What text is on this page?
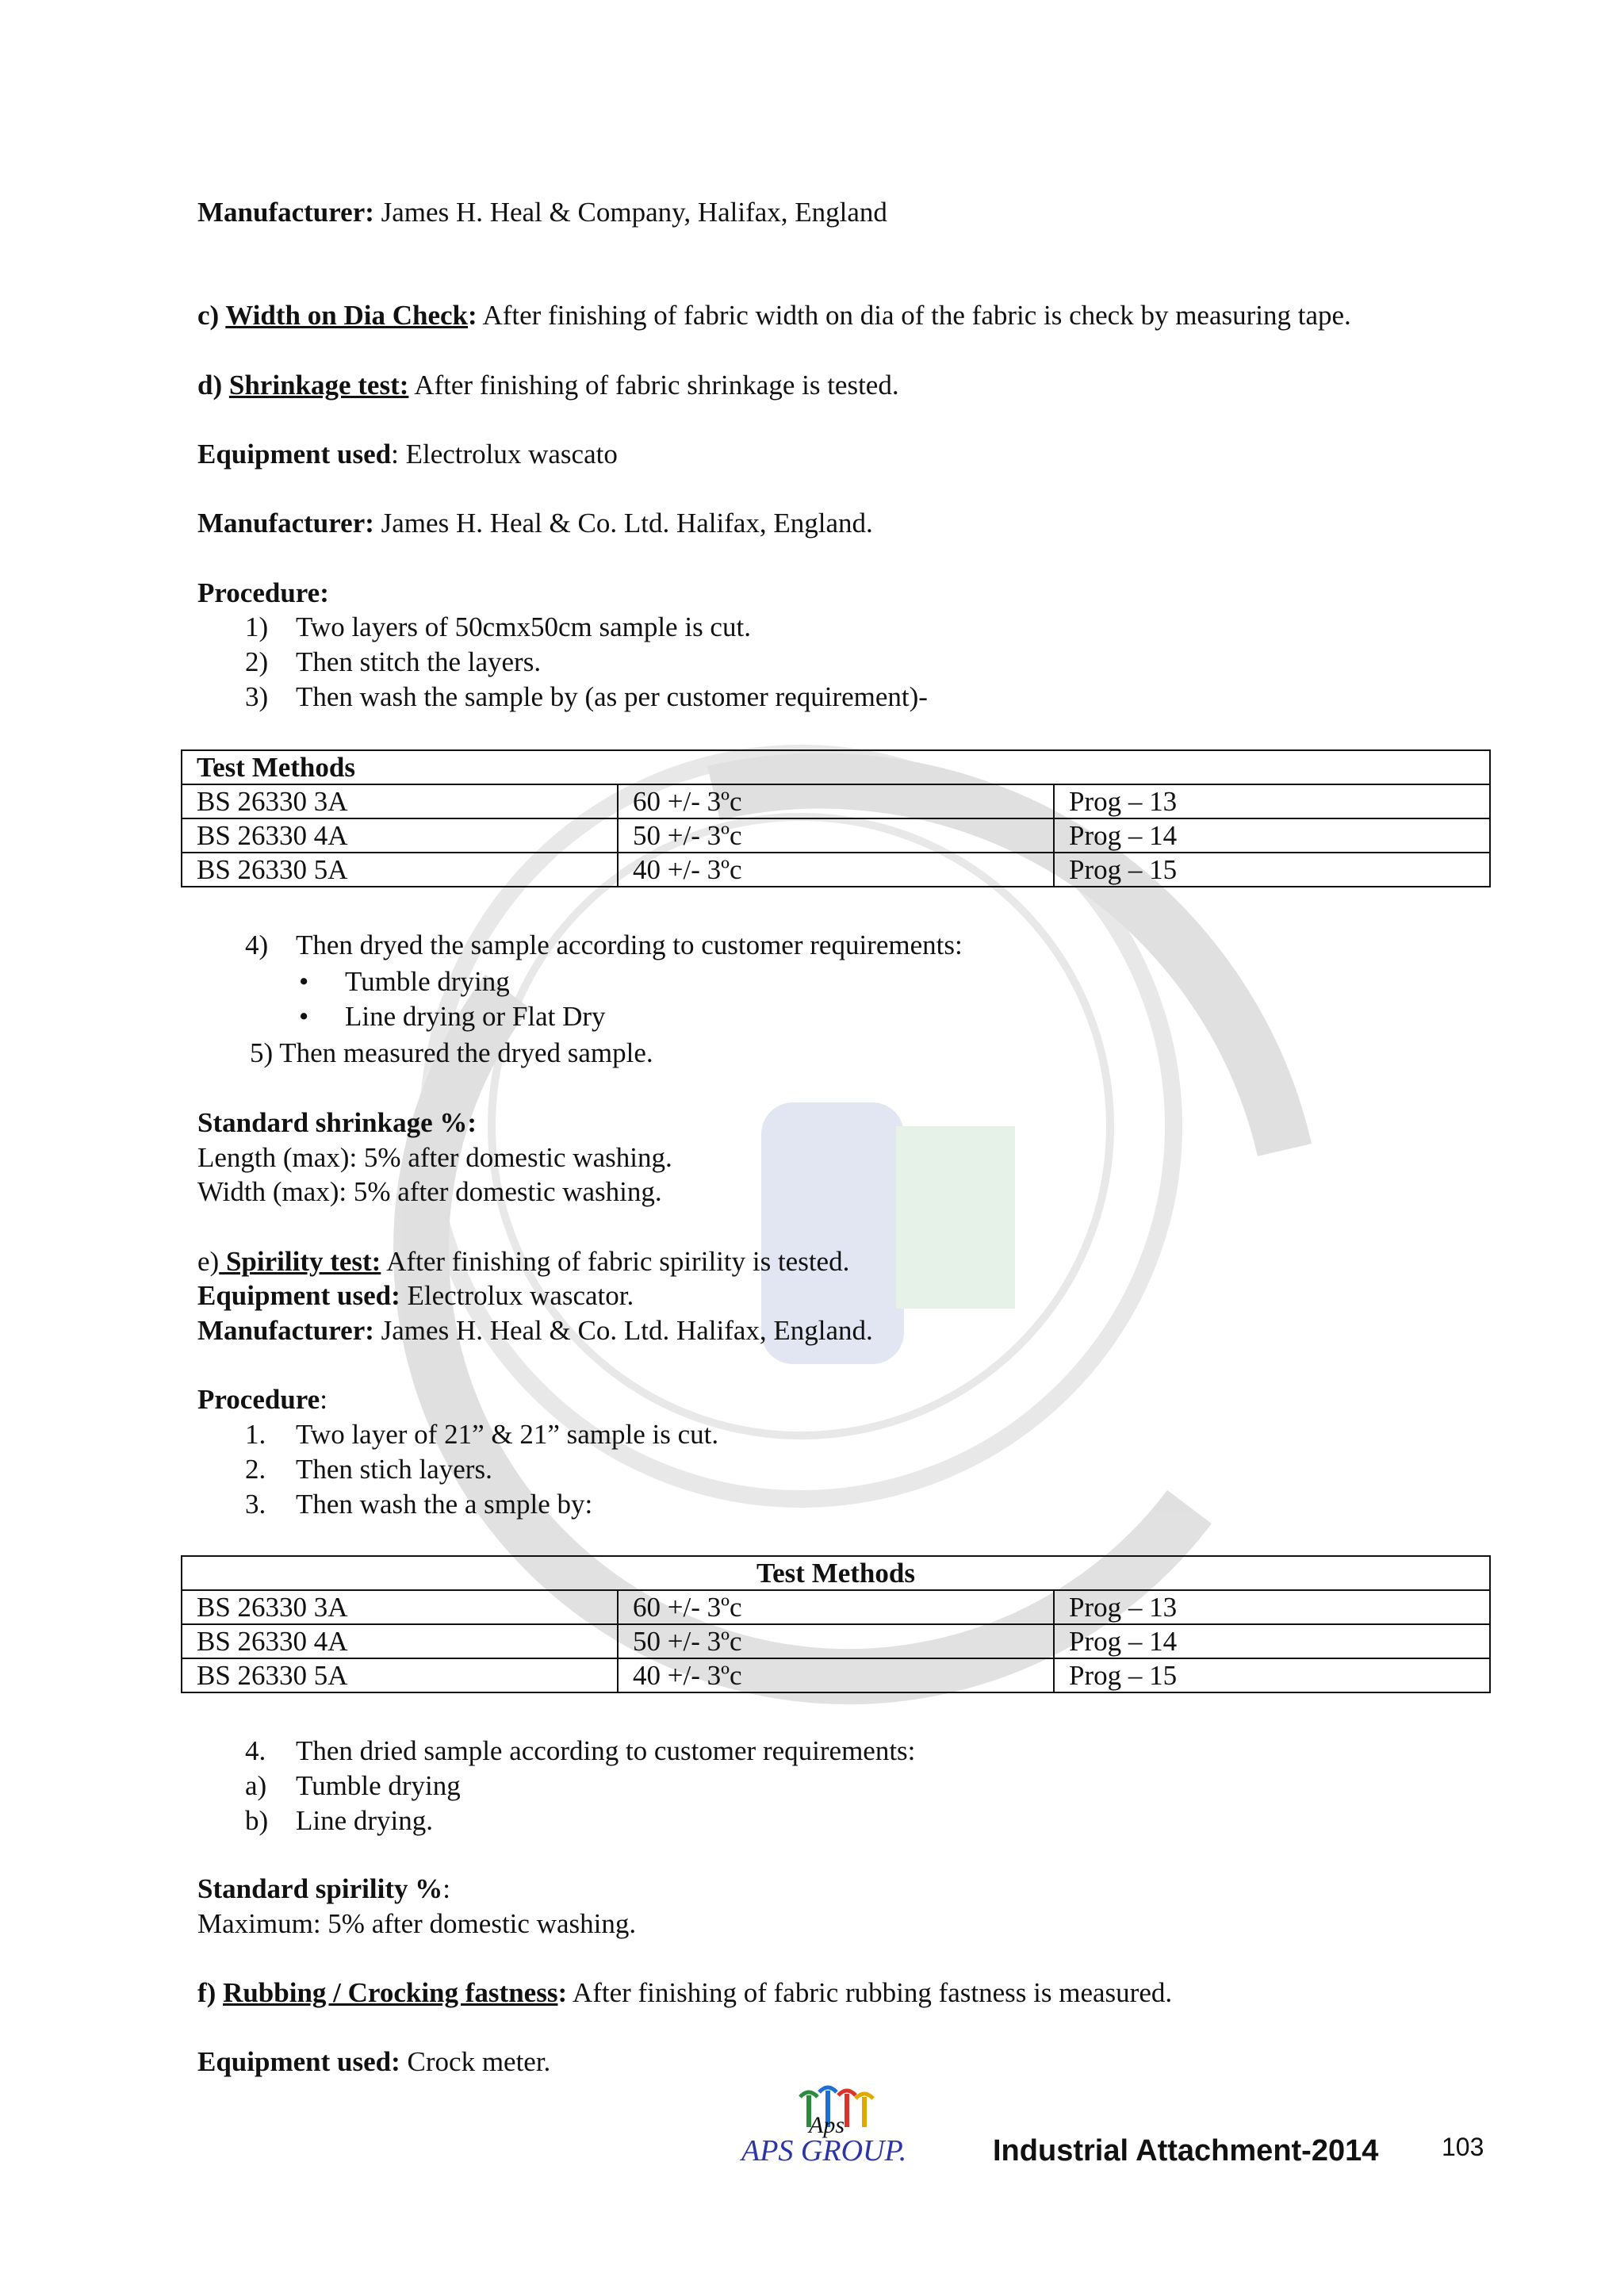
Manufacturer: James H. Heal & Company, Halifax, England

c) Width on Dia Check: After finishing of fabric width on dia of the fabric is check by measuring tape.

d) Shrinkage test: After finishing of fabric shrinkage is tested.

Equipment used: Electrolux wascato

Manufacturer: James H. Heal & Co. Ltd. Halifax, England.

Procedure:

1) Two layers of 50cmx50cm sample is cut.
2) Then stitch the layers.
3) Then wash the sample by (as per customer requirement)-
Test Methods		
BS 26330 3A	60 +/- 3ºc	Prog – 13
BS 26330 4A	50 +/- 3ºc	Prog – 14
BS 26330 5A	40 +/- 3ºc	Prog – 15
4) Then dryed the sample according to customer requirements:
• Tumble drying
• Line drying or Flat Dry

5) Then measured the dryed sample.

Standard shrinkage %:

Length (max): 5% after domestic washing.

Width (max): 5% after domestic washing.

e) Spirility test: After finishing of fabric spirility is tested.

Equipment used: Electrolux wascator.

Manufacturer: James H. Heal & Co. Ltd. Halifax, England.

Procedure:

1. Two layer of 21” & 21” sample is cut.
2. Then stich layers.
3. Then wash the a smple by:
Test Methods		
BS 26330 3A	60 +/- 3ºc	Prog – 13
BS 26330 4A	50 +/- 3ºc	Prog – 14
BS 26330 5A	40 +/- 3ºc	Prog – 15
4. Then dried sample according to customer requirements:
a) Tumble drying
b) Line drying.

Standard spirility %:

Maximum: 5% after domestic washing.

f) Rubbing / Crocking fastness: After finishing of fabric rubbing fastness is measured.

Equipment used: Crock meter.

Aps
APS GROUP.	Industrial Attachment-2014 103
